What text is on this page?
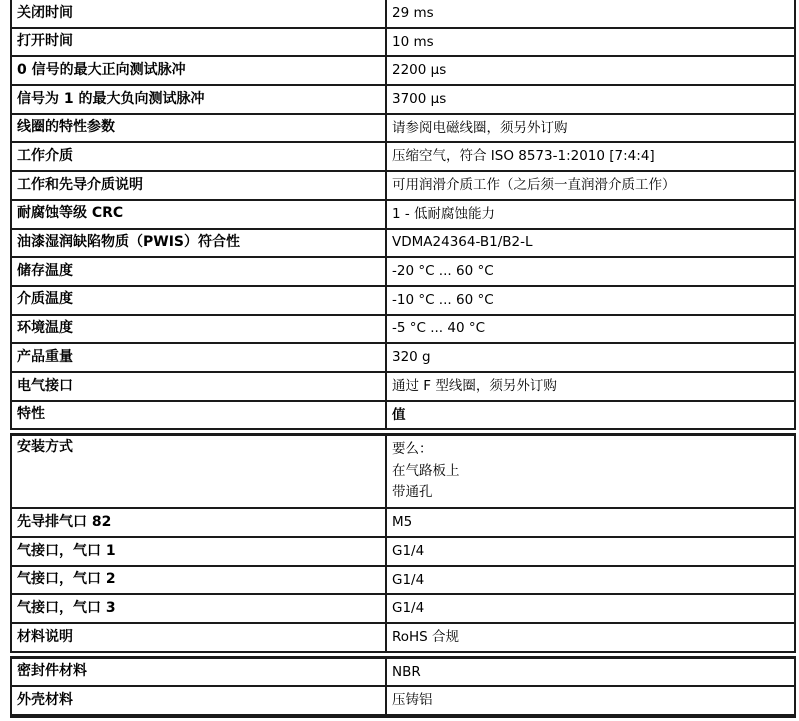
关闭时间	29 ms
打开时间	10 ms
0 信号的最大正向测试脉冲	2200 µs
信号为 1 的最大负向测试脉冲	3700 µs
线圈的特性参数	请参阅电磁线圈，须另外订购
工作介质	压缩空气，符合 ISO 8573-1:2010 [7:4:4]
工作和先导介质说明	可用润滑介质工作（之后须一直润滑介质工作）
耐腐蚀等级 CRC	1 - 低耐腐蚀能力
油漆湿润缺陷物质（PWIS）符合性	VDMA24364-B1/B2-L
储存温度	-20 °C ... 60 °C
介质温度	-10 °C ... 60 °C
环境温度	-5 °C ... 40 °C
产品重量	320 g
电气接口	通过 F 型线圈，须另外订购
特性	值
安装方式	要么：
在气路板上
带通孔

先导排气口 82	M5
气接口，气口 1	G1/4
气接口，气口 2	G1/4
气接口，气口 3	G1/4
材料说明	RoHS 合规
密封件材料	NBR
外壳材料	压铸铝
